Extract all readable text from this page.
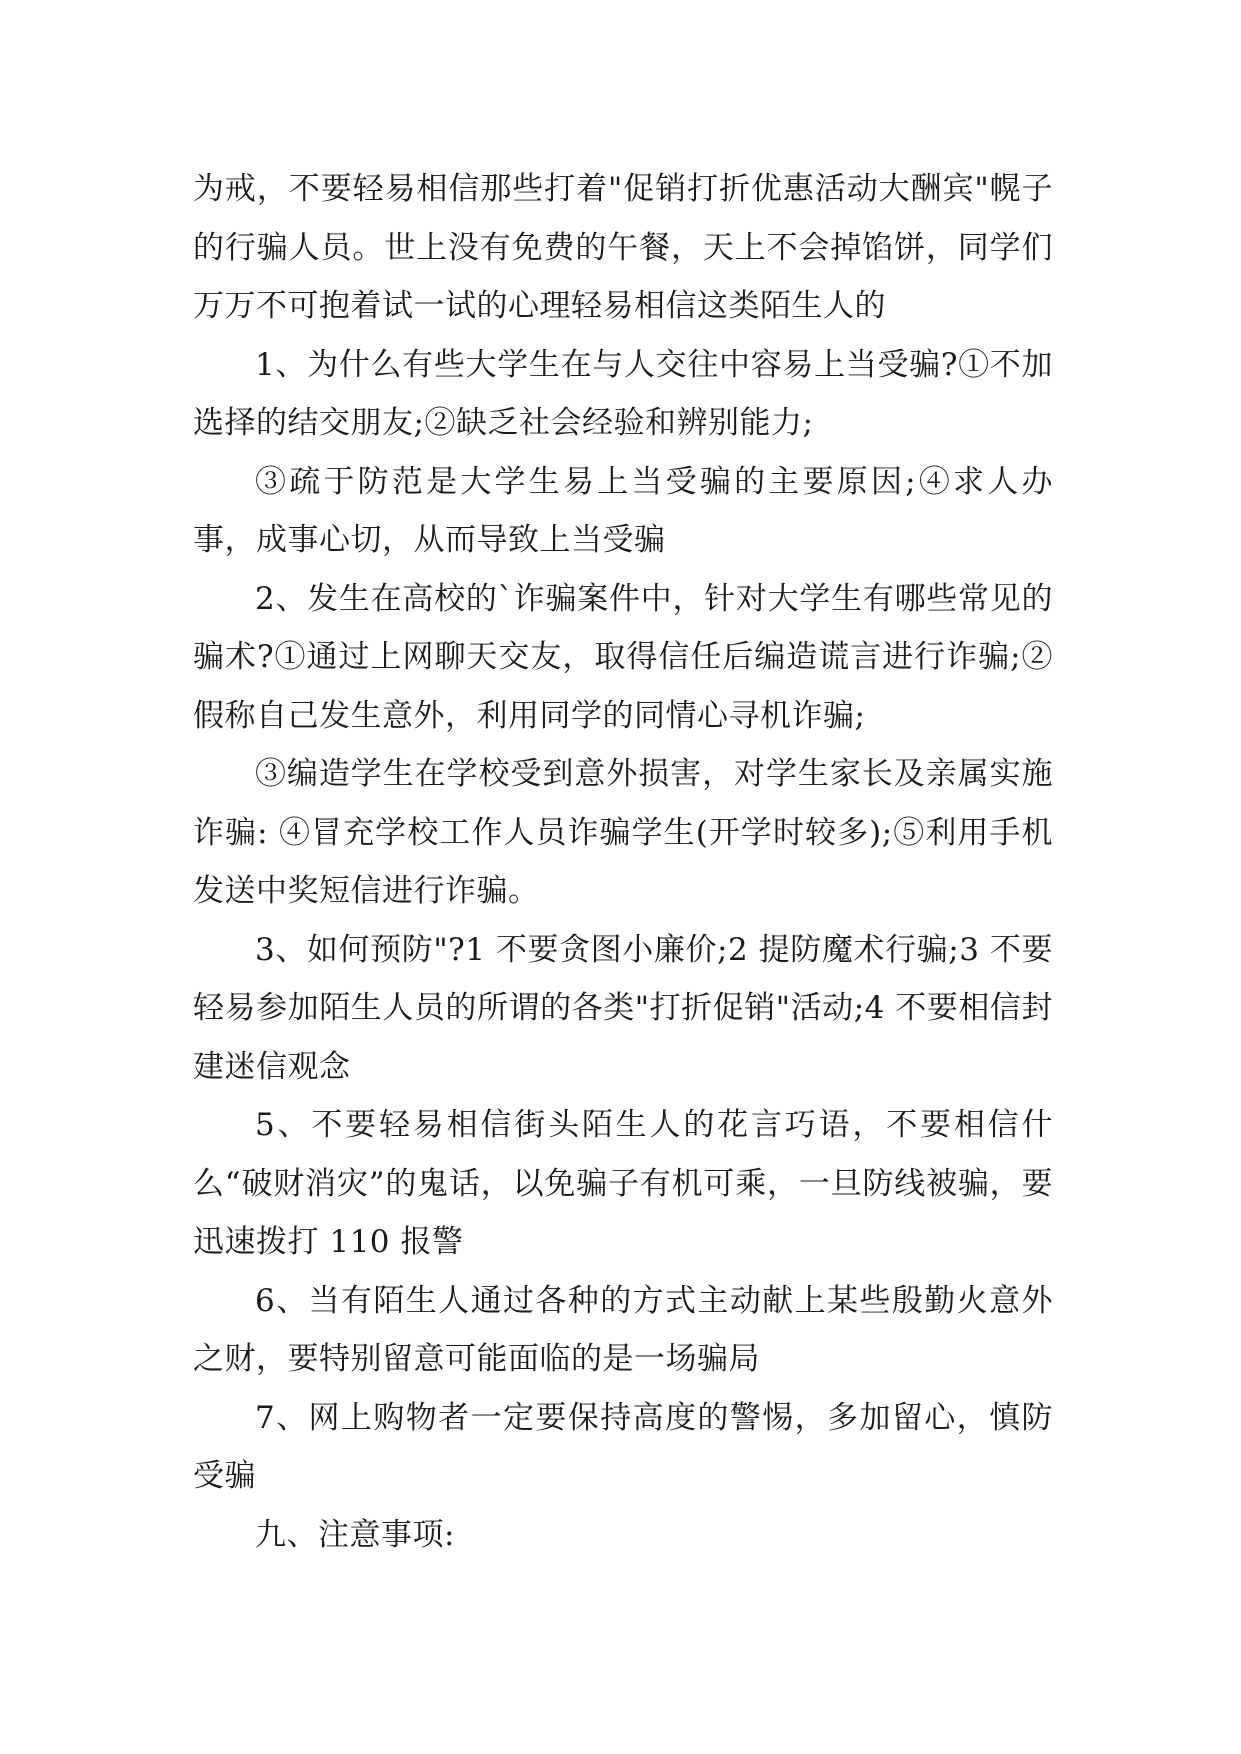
为戒，不要轻易相信那些打着"促销打折优惠活动大酬宾"幌子的行骗人员。世上没有免费的午餐，天上不会掉馅饼，同学们万万不可抱着试一试的心理轻易相信这类陌生人的

1、为什么有些大学生在与人交往中容易上当受骗?①不加选择的结交朋友;②缺乏社会经验和辨别能力;

③疏于防范是大学生易上当受骗的主要原因;④求人办事，成事心切，从而导致上当受骗

2、发生在高校的`诈骗案件中，针对大学生有哪些常见的骗术?①通过上网聊天交友，取得信任后编造谎言进行诈骗;②假称自己发生意外，利用同学的同情心寻机诈骗;

③编造学生在学校受到意外损害，对学生家长及亲属实施诈骗: ④冒充学校工作人员诈骗学生(开学时较多);⑤利用手机发送中奖短信进行诈骗。

3、如何预防"?1 不要贪图小廉价;2 提防魔术行骗;3 不要轻易参加陌生人员的所谓的各类"打折促销"活动;4 不要相信封建迷信观念

5、不要轻易相信街头陌生人的花言巧语，不要相信什么“破财消灾”的鬼话，以免骗子有机可乘，一旦防线被骗，要迅速拨打 110 报警

6、当有陌生人通过各种的方式主动献上某些殷勤火意外之财，要特别留意可能面临的是一场骗局

7、网上购物者一定要保持高度的警惕，多加留心，慎防受骗

九、注意事项:
